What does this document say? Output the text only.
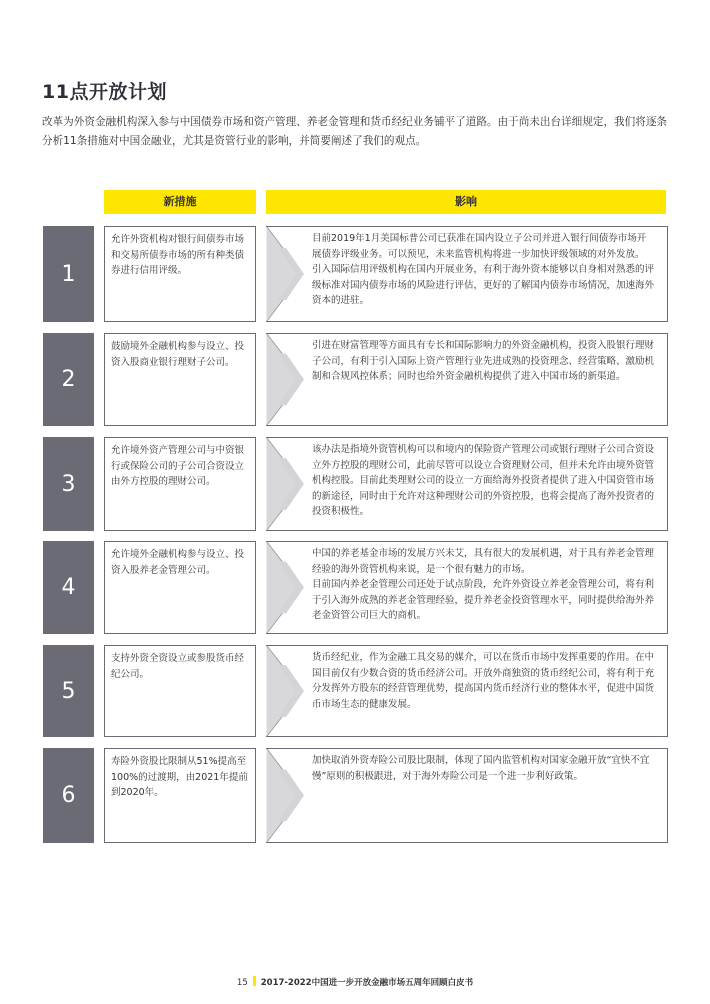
11点开放计划
改革为外资金融机构深入参与中国债券市场和资产管理、养老金管理和货币经纪业务铺平了道路。由于尚未出台详细规定，我们将逐条分析11条措施对中国金融业，尤其是资管行业的影响，并简要阐述了我们的观点。
新措施	影响
1
允许外资机构对银行间债券市场和交易所债券市场的所有种类债券进行信用评级。

目前2019年1月美国标普公司已获准在国内设立子公司并进入银行间债券市场开展债券评级业务。可以预见，未来监管机构将进一步加快评级领域的对外发放。

引入国际信用评级机构在国内开展业务，有利于海外资本能够以自身相对熟悉的评级标准对国内债券市场的风险进行评估，更好的了解国内债券市场情况，加速海外资本的进驻。

2
鼓励境外金融机构参与设立、投资入股商业银行理财子公司。

引进在财富管理等方面具有专长和国际影响力的外资金融机构，投资入股银行理财子公司，有利于引入国际上资产管理行业先进成熟的投资理念、经营策略、激励机制和合规风控体系；同时也给外资金融机构提供了进入中国市场的新渠道。

3
允许境外资产管理公司与中资银行或保险公司的子公司合资设立由外方控股的理财公司。

该办法是指境外资管机构可以和境内的保险资产管理公司或银行理财子公司合资设立外方控股的理财公司，此前尽管可以设立合资理财公司，但并未允许由境外资管机构控股。目前此类理财公司的设立一方面给海外投资者提供了进入中国资管市场的新途径，同时由于允许对这种理财公司的外资控股，也将会提高了海外投资者的投资积极性。

4
允许境外金融机构参与设立、投资入股养老金管理公司。

中国的养老基金市场的发展方兴未艾，具有很大的发展机遇，对于具有养老金管理经验的海外资管机构来说，是一个很有魅力的市场。

目前国内养老金管理公司还处于试点阶段，允许外资设立养老金管理公司，将有利于引入海外成熟的养老金管理经验，提升养老金投资管理水平，同时提供给海外养老金资管公司巨大的商机。

5
支持外资全资设立或参股货币经纪公司。

货币经纪业，作为金融工具交易的媒介，可以在货币市场中发挥重要的作用。在中国目前仅有少数合资的货币经济公司。开放外商独资的货币经纪公司，将有利于充分发挥外方股东的经营管理优势，提高国内货币经济行业的整体水平，促进中国货币市场生态的健康发展。

6
寿险外资股比限制从51%提高至100%的过渡期，由2021年提前到2020年。

加快取消外资寿险公司股比限制，体现了国内监管机构对国家金融开放“宜快不宜慢”原则的积极跟进，对于海外寿险公司是一个进一步利好政策。

15 2017-2022中国进一步开放金融市场五周年回顾白皮书
